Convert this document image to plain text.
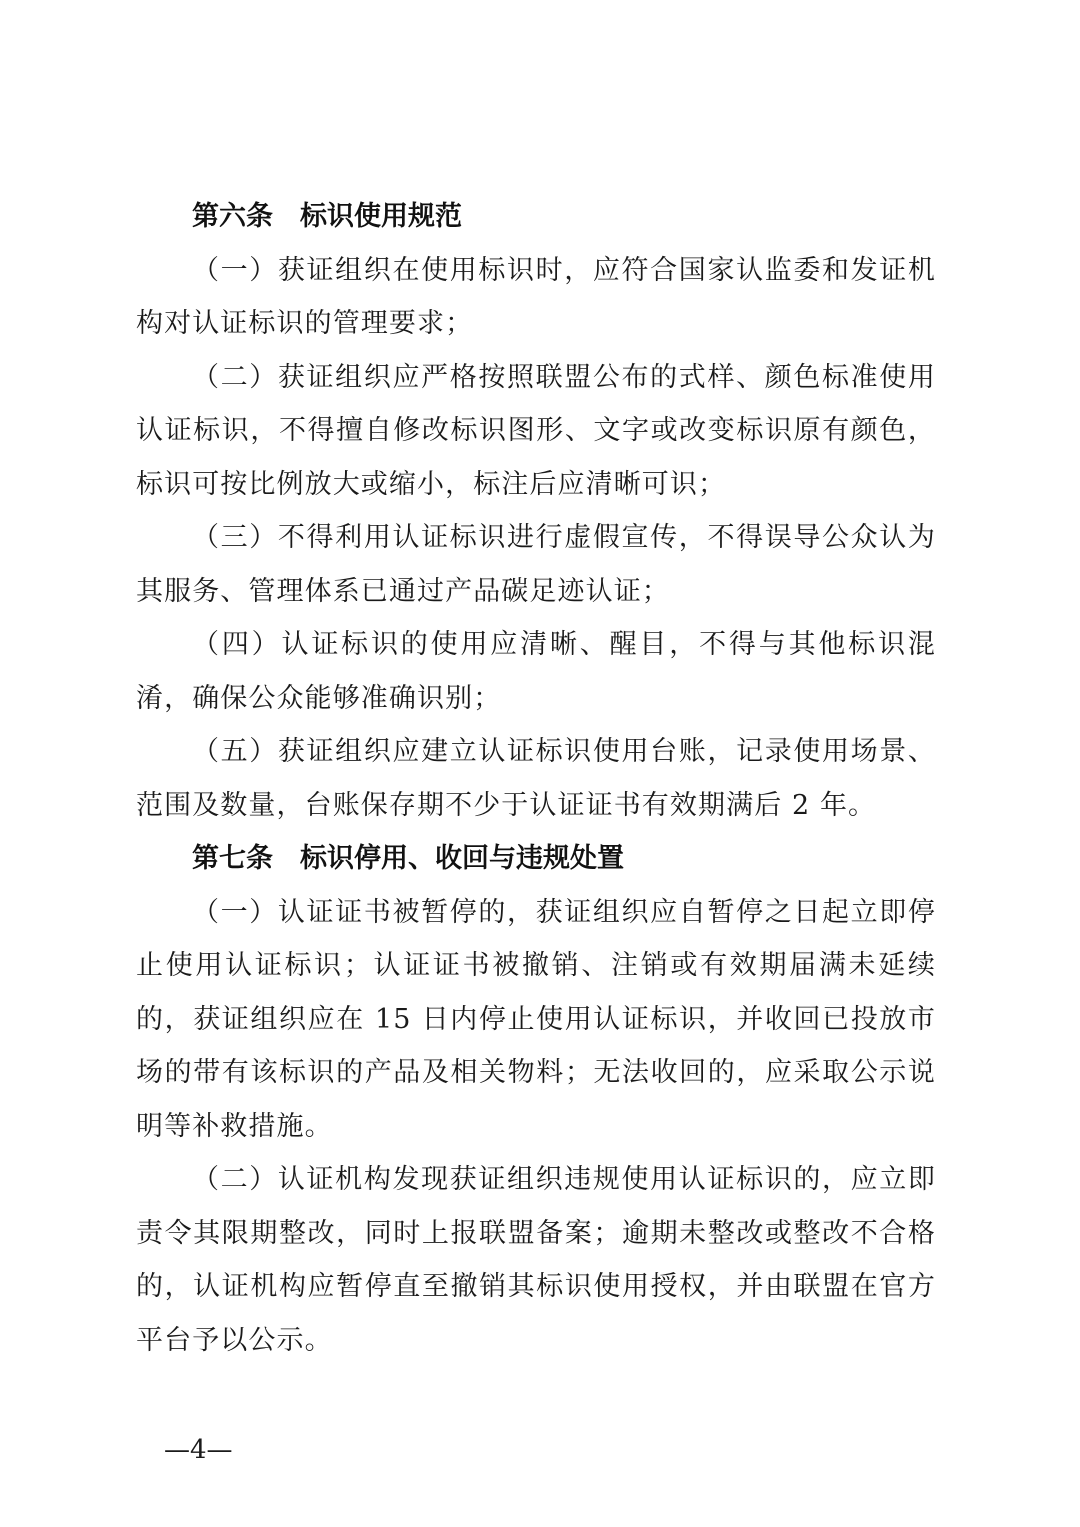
第六条　标识使用规范

（一）获证组织在使用标识时，应符合国家认监委和发证机构对认证标识的管理要求；

（二）获证组织应严格按照联盟公布的式样、颜色标准使用认证标识，不得擅自修改标识图形、文字或改变标识原有颜色，标识可按比例放大或缩小，标注后应清晰可识；

（三）不得利用认证标识进行虚假宣传，不得误导公众认为其服务、管理体系已通过产品碳足迹认证；

（四）认证标识的使用应清晰、醒目，不得与其他标识混淆，确保公众能够准确识别；

（五）获证组织应建立认证标识使用台账，记录使用场景、范围及数量，台账保存期不少于认证证书有效期满后 2 年。

第七条　标识停用、收回与违规处置

（一）认证证书被暂停的，获证组织应自暂停之日起立即停止使用认证标识；认证证书被撤销、注销或有效期届满未延续的，获证组织应在 15 日内停止使用认证标识，并收回已投放市场的带有该标识的产品及相关物料；无法收回的，应采取公示说明等补救措施。

（二）认证机构发现获证组织违规使用认证标识的，应立即责令其限期整改，同时上报联盟备案；逾期未整改或整改不合格的，认证机构应暂停直至撤销其标识使用授权，并由联盟在官方平台予以公示。

—4—
